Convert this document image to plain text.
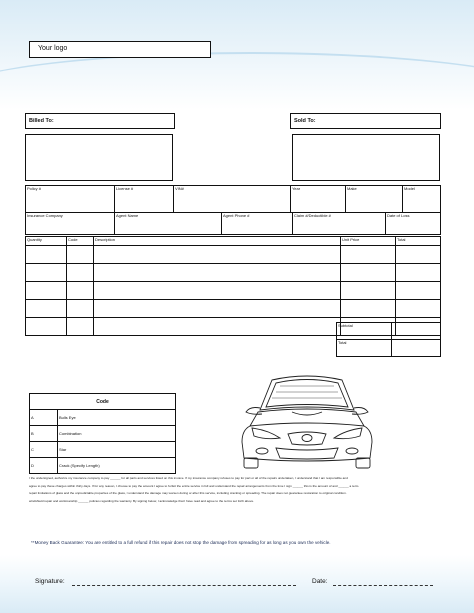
Your logo
Billed To:	Sold To:
Policy #	License #	VIN#	Year	Make	Model
Insurance Company	Agent Name	Agent Phone #	Claim #/Deductible #	Date of Loss
Quantity	Code	Description	Unit Price	Total

Subtotal	
Total	
Code	
A	Bulls Eye
B	Combination
C	Star
D	Crack (Specify Length)
I the undersigned, authorize my insurance company to pay ______ for all parts and services listed on this invoice. If my insurance company refuses to pay for part or all of the repairs undertaken, I understand that I am responsible and
agree to pay these charges within thirty days. If for any reason, I choose to pay the amount I agree to forfeit the entire service in full and understand the repair arrangements from the time I sign ______ this is the amount of and ______ a term.
repair limitations of glass and the unpredictable properties of the glass, I understand the damage may worsen during or after this service, including cracking or spreading. The repair does not guarantee restoration to original condition.
windshield repair and workmanship ______ policies regarding the warranty. By signing below, I acknowledge that I have read and agree to the terms set forth above.
**Money Back Guarantee: You are entitled to a full refund if this repair does not stop the damage from spreading for as long as you own the vehicle.
Signature:	Date:
